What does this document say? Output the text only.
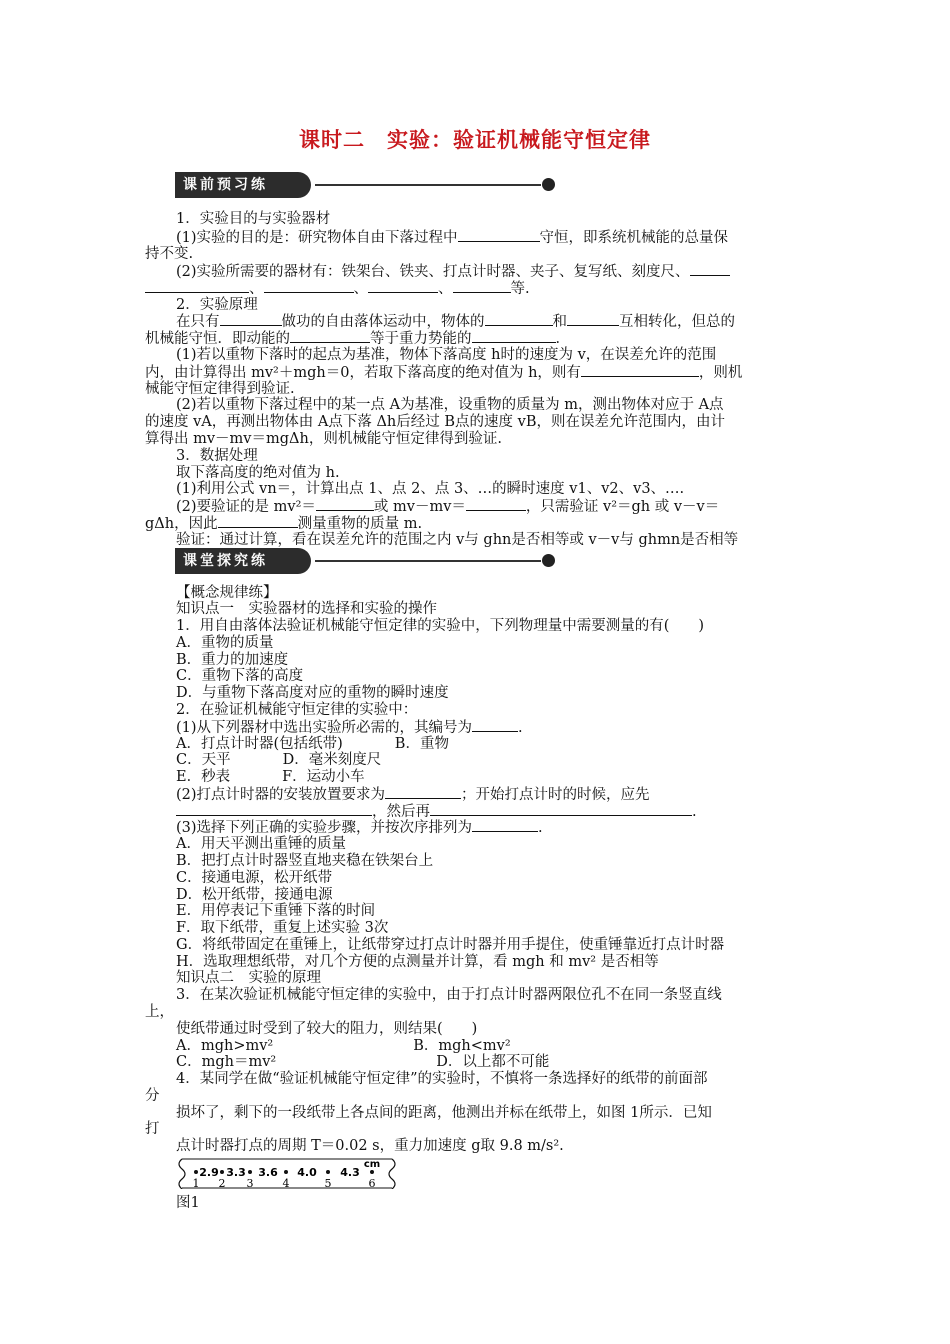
课时二　实验：验证机械能守恒定律
课前预习练
1．实验目的与实验器材
(1)实验的目的是：研究物体自由下落过程中	守恒，即系统机械能的总量保
持不变.
(2)实验所需要的器材有：铁架台、铁夹、打点计时器、夹子、复写纸、刻度尺、
、	、	、	等.
2．实验原理
在只有	做功的自由落体运动中，物体的	和	互相转化，但总的
机械能守恒．即动能的	等于重力势能的	．
(1)若以重物下落时的起点为基准，物体下落高度 h时的速度为 v，在误差允许的范围
内，由计算得出 mv²＋mgh＝0，若取下落高度的绝对值为 h，则有	，则机
械能守恒定律得到验证.
(2)若以重物下落过程中的某一点 A为基准，设重物的质量为 m，测出物体对应于 A点
的速度 vA，再测出物体由 A点下落 Δh后经过 B点的速度 vB，则在误差允许范围内，由计
算得出 mv－mv＝mgΔh，则机械能守恒定律得到验证.
3．数据处理
取下落高度的绝对值为 h.
(1)利用公式 vn＝，计算出点 1、点 2、点 3、…的瞬时速度 v1、v2、v3、….
(2)要验证的是 mv²＝	或 mv－mv＝	，只需验证 v²＝gh 或 v－v＝
gΔh，因此	测量重物的质量 m.
验证：通过计算，看在误差允许的范围之内 v与 ghn是否相等或 v－v与 ghmn是否相等
课堂探究练
【概念规律练】
知识点一　实验器材的选择和实验的操作
1．用自由落体法验证机械能守恒定律的实验中，下列物理量中需要测量的有(　　)
A．重物的质量
B．重力的加速度
C．重物下落的高度
D．与重物下落高度对应的重物的瞬时速度
2．在验证机械能守恒定律的实验中：
(1)从下列器材中选出实验所必需的，其编号为	.
A．打点计时器(包括纸带)	B．重物
C．天平	D．毫米刻度尺
E．秒表	F．运动小车
(2)打点计时器的安装放置要求为	；开始打点计时的时候，应先
，然后再	.
(3)选择下列正确的实验步骤，并按次序排列为	.
A．用天平测出重锤的质量
B．把打点计时器竖直地夹稳在铁架台上
C．接通电源，松开纸带
D．松开纸带，接通电源
E．用停表记下重锤下落的时间
F．取下纸带，重复上述实验 3次
G．将纸带固定在重锤上，让纸带穿过打点计时器并用手提住，使重锤靠近打点计时器
H．选取理想纸带，对几个方便的点测量并计算，看 mgh 和 mv² 是否相等
知识点二　实验的原理
3．在某次验证机械能守恒定律的实验中，由于打点计时器两限位孔不在同一条竖直线
上，
使纸带通过时受到了较大的阻力，则结果(　　)
A．mgh>mv²	B．mgh<mv²
C．mgh＝mv²	D．以上都不可能
4．某同学在做“验证机械能守恒定律”的实验时，不慎将一条选择好的纸带的前面部
分
损坏了，剩下的一段纸带上各点间的距离，他测出并标在纸带上，如图 1所示．已知
打
点计时器打点的周期 T＝0.02 s，重力加速度 g取 9.8 m/s².
1 2 3	4	5	6
2.9 3.3 3.6 4.0 4.3
cm
图1
